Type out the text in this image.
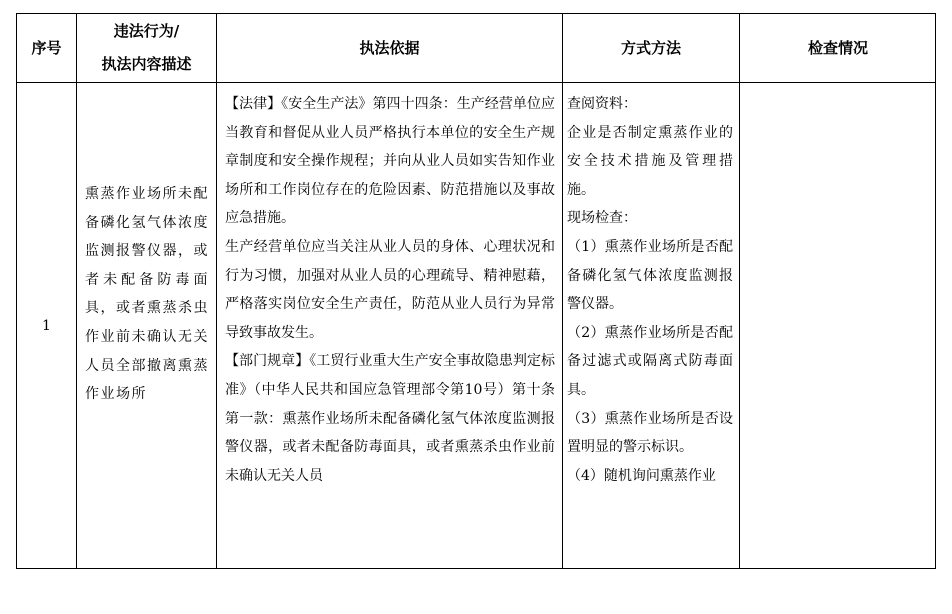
序号
违法行为/
执法内容描述
执法依据	方式方法	检查情况
1

熏蒸作业场所未配备磷化氢气体浓度监测报警仪器，或者未配备防毒面具，或者熏蒸杀虫作业前未确认无关人员全部撤离熏蒸作业场所

【法律】《安全生产法》第四十四条：生产经营单位应当教育和督促从业人员严格执行本单位的安全生产规章制度和安全操作规程；并向从业人员如实告知作业场所和工作岗位存在的危险因素、防范措施以及事故应急措施。

生产经营单位应当关注从业人员的身体、心理状况和行为习惯，加强对从业人员的心理疏导、精神慰藉，严格落实岗位安全生产责任，防范从业人员行为异常导致事故发生。

【部门规章】《工贸行业重大生产安全事故隐患判定标准》（中华人民共和国应急管理部令第10号）第十条第一款：熏蒸作业场所未配备磷化氢气体浓度监测报警仪器，或者未配备防毒面具，或者熏蒸杀虫作业前未确认无关人员

查阅资料：

企业是否制定熏蒸作业的安全技术措施及管理措施。

现场检查：

（1）熏蒸作业场所是否配备磷化氢气体浓度监测报警仪器。

（2）熏蒸作业场所是否配备过滤式或隔离式防毒面具。

（3）熏蒸作业场所是否设置明显的警示标识。

（4）随机询问熏蒸作业
